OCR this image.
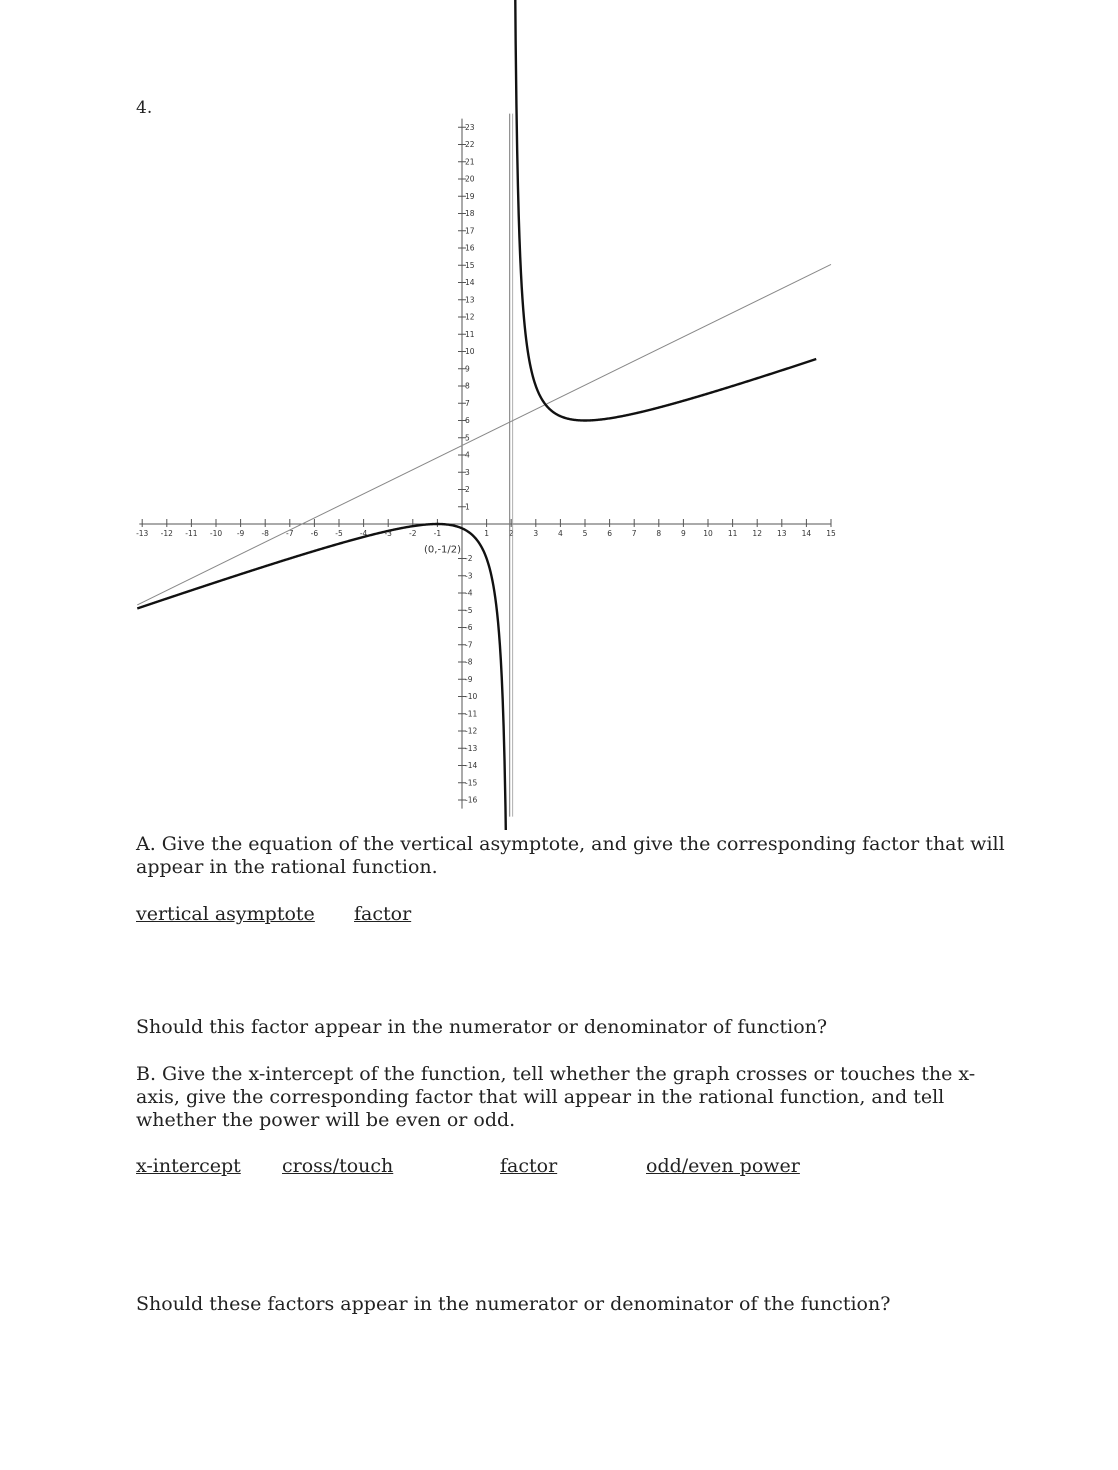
4.
-13 -12 -11 -10 -9 -8 -7 -6 -5 -4 -3 -2 -1	1	2	3	4	5	6	7	8	9 10 11 12 13 14 15
-16
-15
-14
-13
-12
-11
-10
-9
-8
-7
-6
-5
-4
-3
-2
1
2
3
4
5
6
7
8
9
10
11
12
13
14
15
16
17
18
19
20
21
22
23
(0,-1/2)
A. Give the equation of the vertical asymptote, and give the corresponding factor that will appear in the rational function.
vertical asymptote factor
Should this factor appear in the numerator or denominator of function?
B. Give the x-intercept of the function, tell whether the graph crosses or touches the x-axis, give the corresponding factor that will appear in the rational function, and tell whether the power will be even or odd.
x-intercept cross/touch	factor	odd/even power
Should these factors appear in the numerator or denominator of the function?
